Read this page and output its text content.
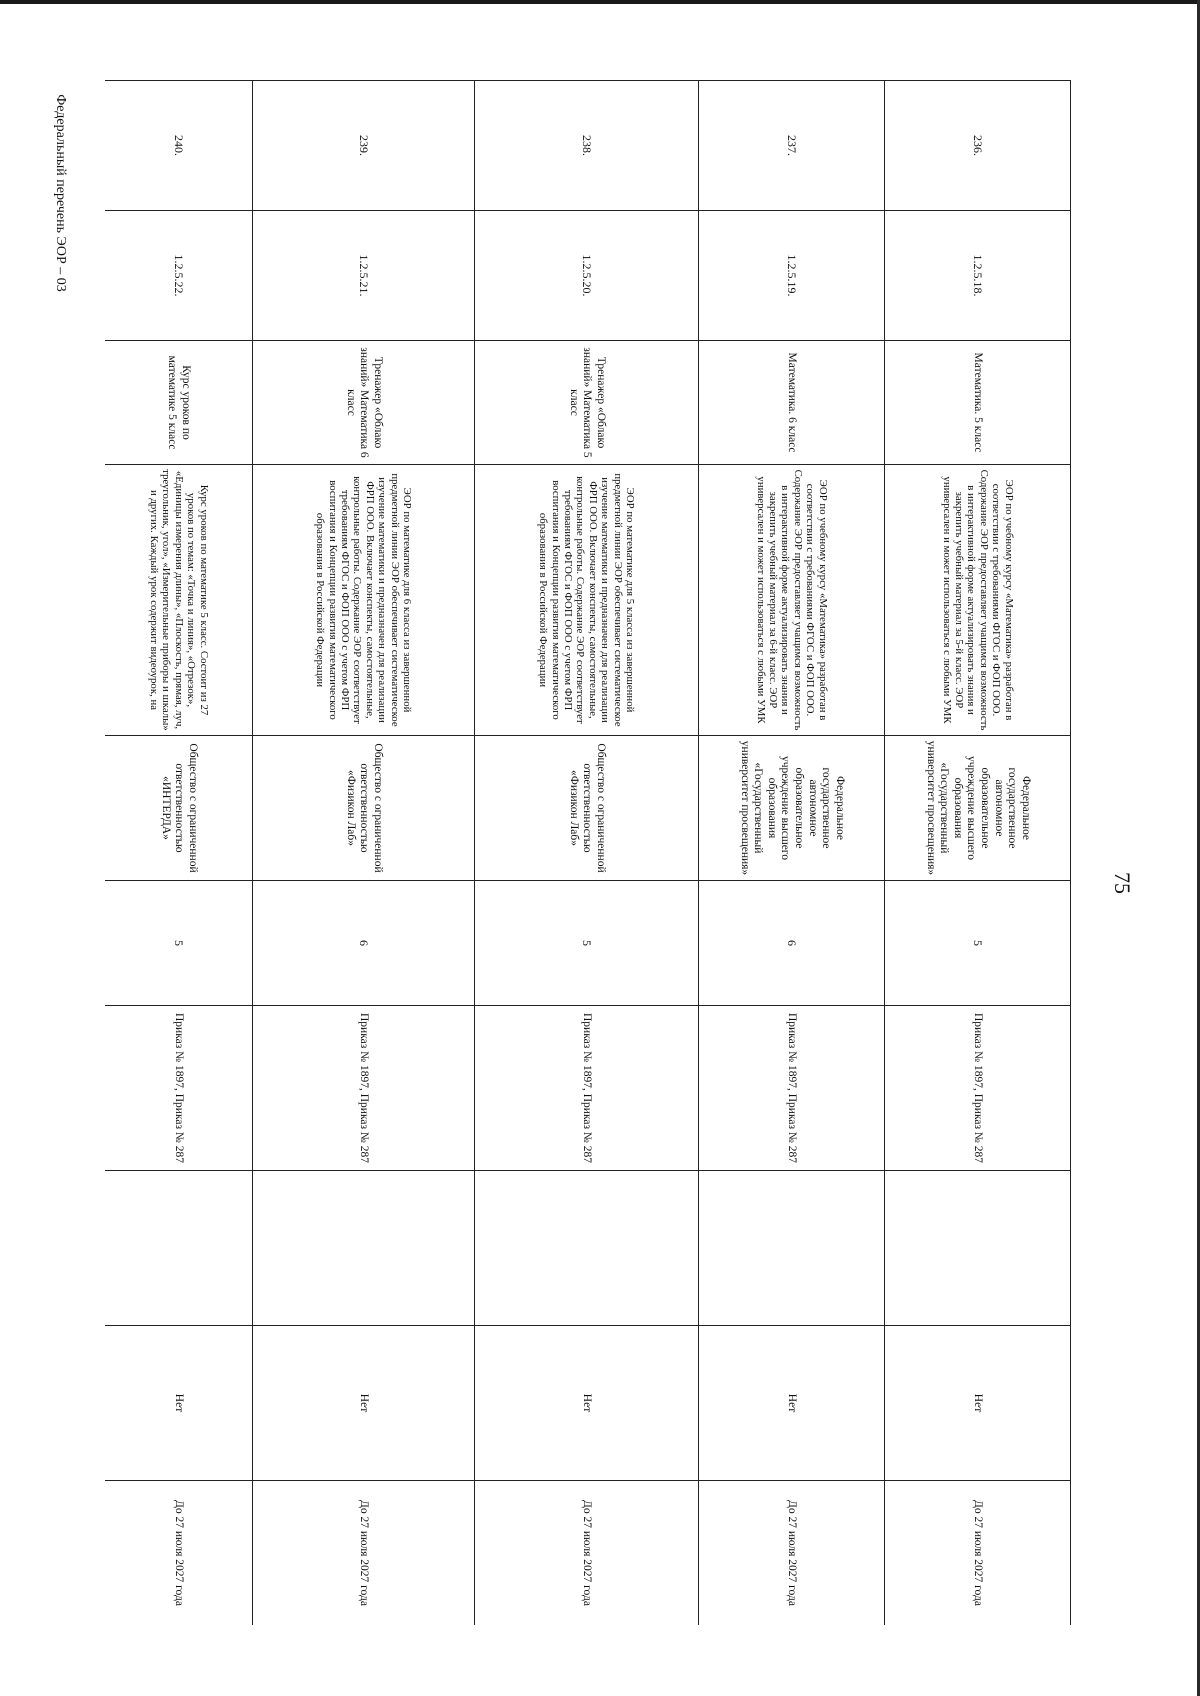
75
Федеральный перечень ЭОР – 03	236.	1.2.5.18.	Математика. 5 класс	ЭОР по учебному курсу «Математика» разработан в соответствии с требованиями ФГОС и ФОП ООО. Содержание ЭОР предоставляет учащимся возможность в интерактивной форме актуализировать знания и закрепить учебный материал за 5-й класс. ЭОР универсален и может использоваться с любыми УМК	Федеральное государственное автономное образовательное учреждение высшего образования «Государственный университет просвещения»	5	Приказ № 1897, Приказ № 287		Нет	До 27 июля 2027 года
237.	1.2.5.19.	Математика. 6 класс	ЭОР по учебному курсу «Математика» разработан в соответствии с требованиями ФГОС и ФОП ООО. Содержание ЭОР предоставляет учащимся возможность в интерактивной форме актуализировать знания и закрепить учебный материал за 6-й класс. ЭОР универсален и может использоваться с любыми УМК	Федеральное государственное автономное образовательное учреждение высшего образования «Государственный университет просвещения»	6	Приказ № 1897, Приказ № 287		Нет	До 27 июля 2027 года
238.	1.2.5.20.	Тренажер «Облако знаний» Математика 5 класс	ЭОР по математике для 5 класса из завершенной предметной линии ЭОР обеспечивает систематическое изучение математики и предназначен для реализации ФРП ООО. Включает конспекты, самостоятельные, контрольные работы. Содержание ЭОР соответствует требованиям ФГОС и ФОП ООО с учетом ФРП воспитания и Концепции развития математического образования в Российской Федерации	Общество с ограниченной ответственностью «Физикон Лаб»	5	Приказ № 1897, Приказ № 287		Нет	До 27 июля 2027 года
239.	1.2.5.21.	Тренажер «Облако знаний» Математика 6 класс	ЭОР по математике для 6 класса из завершенной предметной линии ЭОР обеспечивает систематическое изучение математики и предназначен для реализации ФРП ООО. Включает конспекты, самостоятельные, контрольные работы. Содержание ЭОР соответствует требованиям ФГОС и ФОП ООО с учетом ФРП воспитания и Концепции развития математического образования в Российской Федерации	Общество с ограниченной ответственностью «Физикон Лаб»	6	Приказ № 1897, Приказ № 287		Нет	До 27 июля 2027 года
240.	1.2.5.22.	Курс уроков по математике 5 класс	Курс уроков по математике 5 класс. Состоит из 27 уроков по темам: «Точка и линия», «Отрезок», «Единицы измерения длины», «Плоскость, прямая, луч, треугольник, угол», «Измерительные приборы и шкалы» и других. Каждый урок содержит видеоурок, на	Общество с ограниченной ответственностью «ИНТЕРДА»	5	Приказ № 1897, Приказ № 287		Нет	До 27 июля 2027 года
